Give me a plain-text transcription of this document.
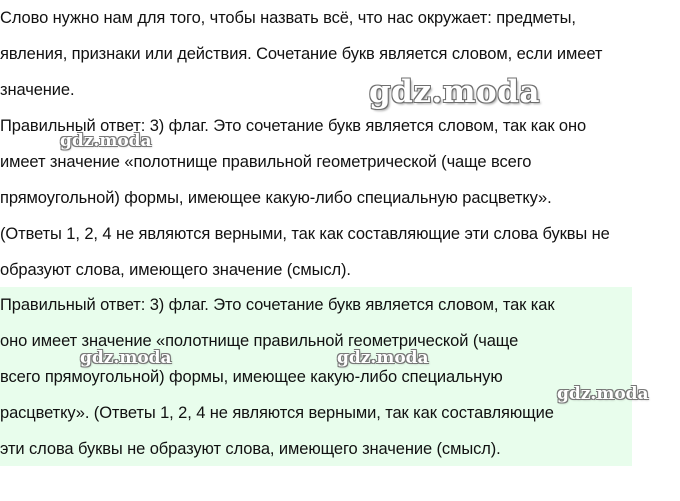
Слово нужно нам для того, чтобы назвать всё, что нас окружает: предметы,
явления, признаки или действия. Сочетание букв является словом, если имеет
значение.

Правильный ответ: 3) флаг. Это сочетание букв является словом, так как оно
имеет значение «полотнище правильной геометрической (чаще всего
прямоугольной) формы, имеющее какую-либо специальную расцветку».
(Ответы 1, 2, 4 не являются верными, так как составляющие эти слова буквы не
образуют слова, имеющего значение (смысл).

Правильный ответ: 3) флаг. Это сочетание букв является словом, так как
оно имеет значение «полотнище правильной геометрической (чаще
всего прямоугольной) формы, имеющее какую-либо специальную
расцветку». (Ответы 1, 2, 4 не являются верными, так как составляющие
эти слова буквы не образуют слова, имеющего значение (смысл).

gdz.moda
gdz.moda
gdz.moda	gdz.moda
gdz.moda
